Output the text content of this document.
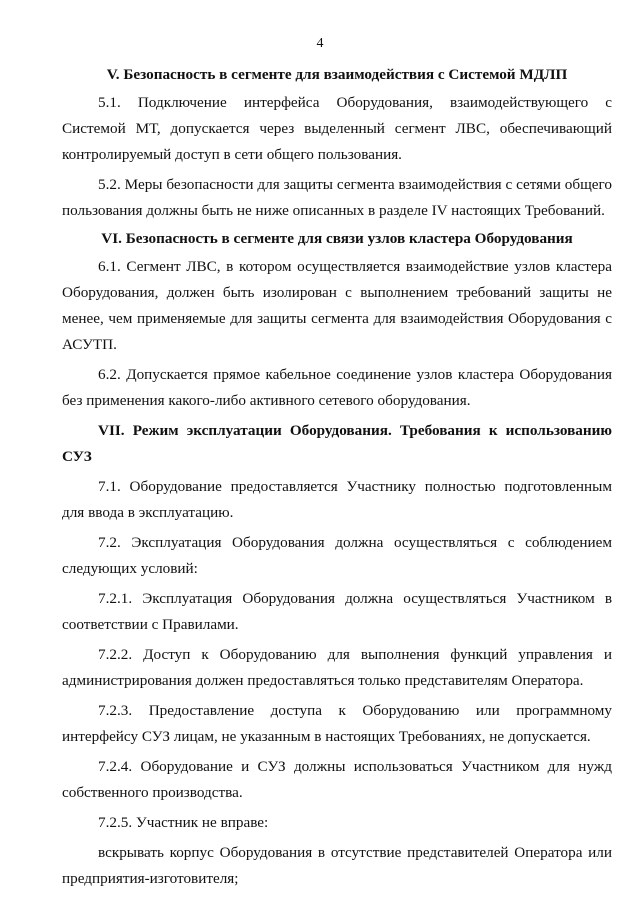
4
V. Безопасность в сегменте для взаимодействия с Системой МДЛП

5.1. Подключение интерфейса Оборудования, взаимодействующего с Системой МТ, допускается через выделенный сегмент ЛВС, обеспечивающий контролируемый доступ в сети общего пользования.

5.2. Меры безопасности для защиты сегмента взаимодействия с сетями общего пользования должны быть не ниже описанных в разделе IV настоящих Требований.

VI. Безопасность в сегменте для связи узлов кластера Оборудования

6.1. Сегмент ЛВС, в котором осуществляется взаимодействие узлов кластера Оборудования, должен быть изолирован с выполнением требований защиты не менее, чем применяемые для защиты сегмента для взаимодействия Оборудования с АСУТП.

6.2. Допускается прямое кабельное соединение узлов кластера Оборудования без применения какого-либо активного сетевого оборудования.

VII. Режим эксплуатации Оборудования. Требования к использованию СУЗ

7.1. Оборудование предоставляется Участнику полностью подготовленным для ввода в эксплуатацию.

7.2. Эксплуатация Оборудования должна осуществляться с соблюдением следующих условий:

7.2.1. Эксплуатация Оборудования должна осуществляться Участником в соответствии с Правилами.

7.2.2. Доступ к Оборудованию для выполнения функций управления и администрирования должен предоставляться только представителям Оператора.

7.2.3. Предоставление доступа к Оборудованию или программному интерфейсу СУЗ лицам, не указанным в настоящих Требованиях, не допускается.

7.2.4. Оборудование и СУЗ должны использоваться Участником для нужд собственного производства.

7.2.5. Участник не вправе:

вскрывать корпус Оборудования в отсутствие представителей Оператора или предприятия-изготовителя;
